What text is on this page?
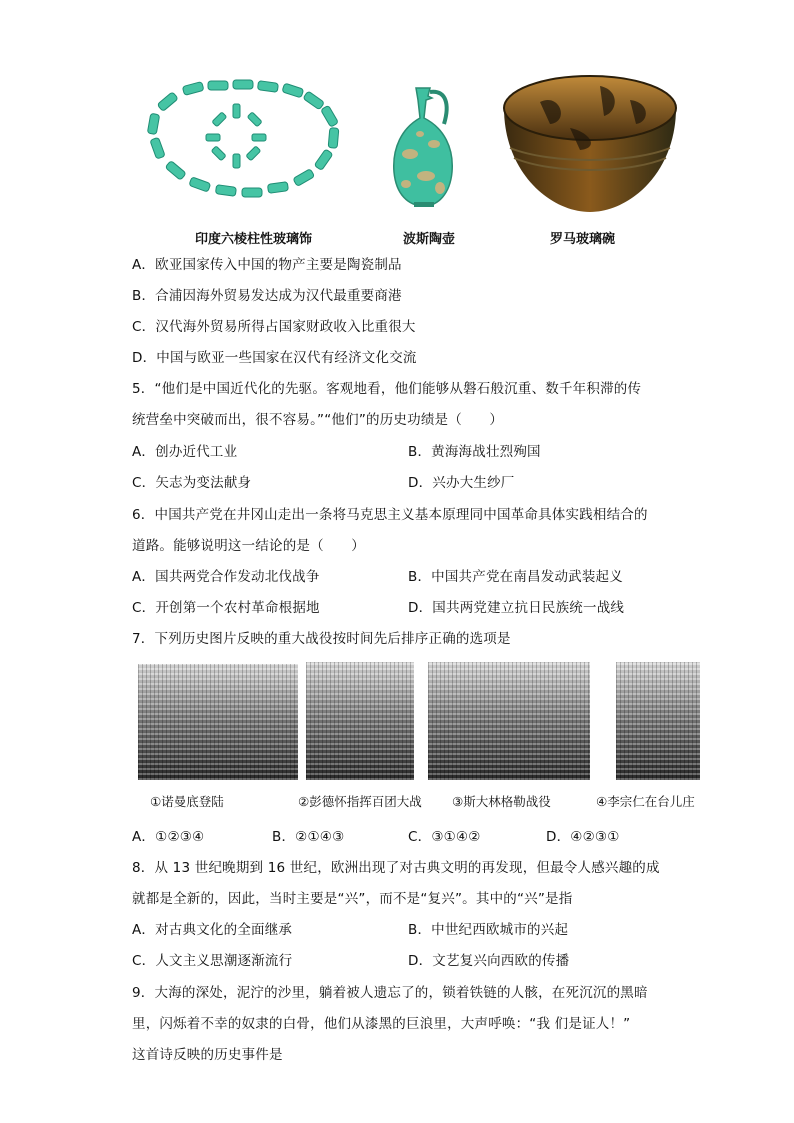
印度六棱柱性玻璃饰	波斯陶壶	罗马玻璃碗
A．欧亚国家传入中国的物产主要是陶瓷制品
B．合浦因海外贸易发达成为汉代最重要商港
C．汉代海外贸易所得占国家财政收入比重很大
D．中国与欧亚一些国家在汉代有经济文化交流
5．“他们是中国近代化的先驱。客观地看，他们能够从磐石般沉重、数千年积滞的传
统营垒中突破而出，很不容易。”“他们”的历史功绩是（　　）
A．创办近代工业	B．黄海海战壮烈殉国
C．矢志为变法献身	D．兴办大生纱厂
6．中国共产党在井冈山走出一条将马克思主义基本原理同中国革命具体实践相结合的
道路。能够说明这一结论的是（　　）
A．国共两党合作发动北伐战争	B．中国共产党在南昌发动武装起义
C．开创第一个农村革命根据地	D．国共两党建立抗日民族统一战线
7．下列历史图片反映的重大战役按时间先后排序正确的选项是
①诺曼底登陆	②彭德怀指挥百团大战 ③斯大林格勒战役	④李宗仁在台儿庄
A．①②③④	B．②①④③	C．③①④②	D．④②③①
8．从 13 世纪晚期到 16 世纪，欧洲出现了对古典文明的再发现，但最令人感兴趣的成
就都是全新的，因此，当时主要是“兴”，而不是“复兴”。其中的“兴”是指
A．对古典文化的全面继承	B．中世纪西欧城市的兴起
C．人文主义思潮逐渐流行	D．文艺复兴向西欧的传播
9．大海的深处，泥泞的沙里，躺着被人遗忘了的，锁着铁链的人骸，在死沉沉的黑暗
里，闪烁着不幸的奴隶的白骨，他们从漆黑的巨浪里，大声呼唤：“我 们是证人！”
这首诗反映的历史事件是
